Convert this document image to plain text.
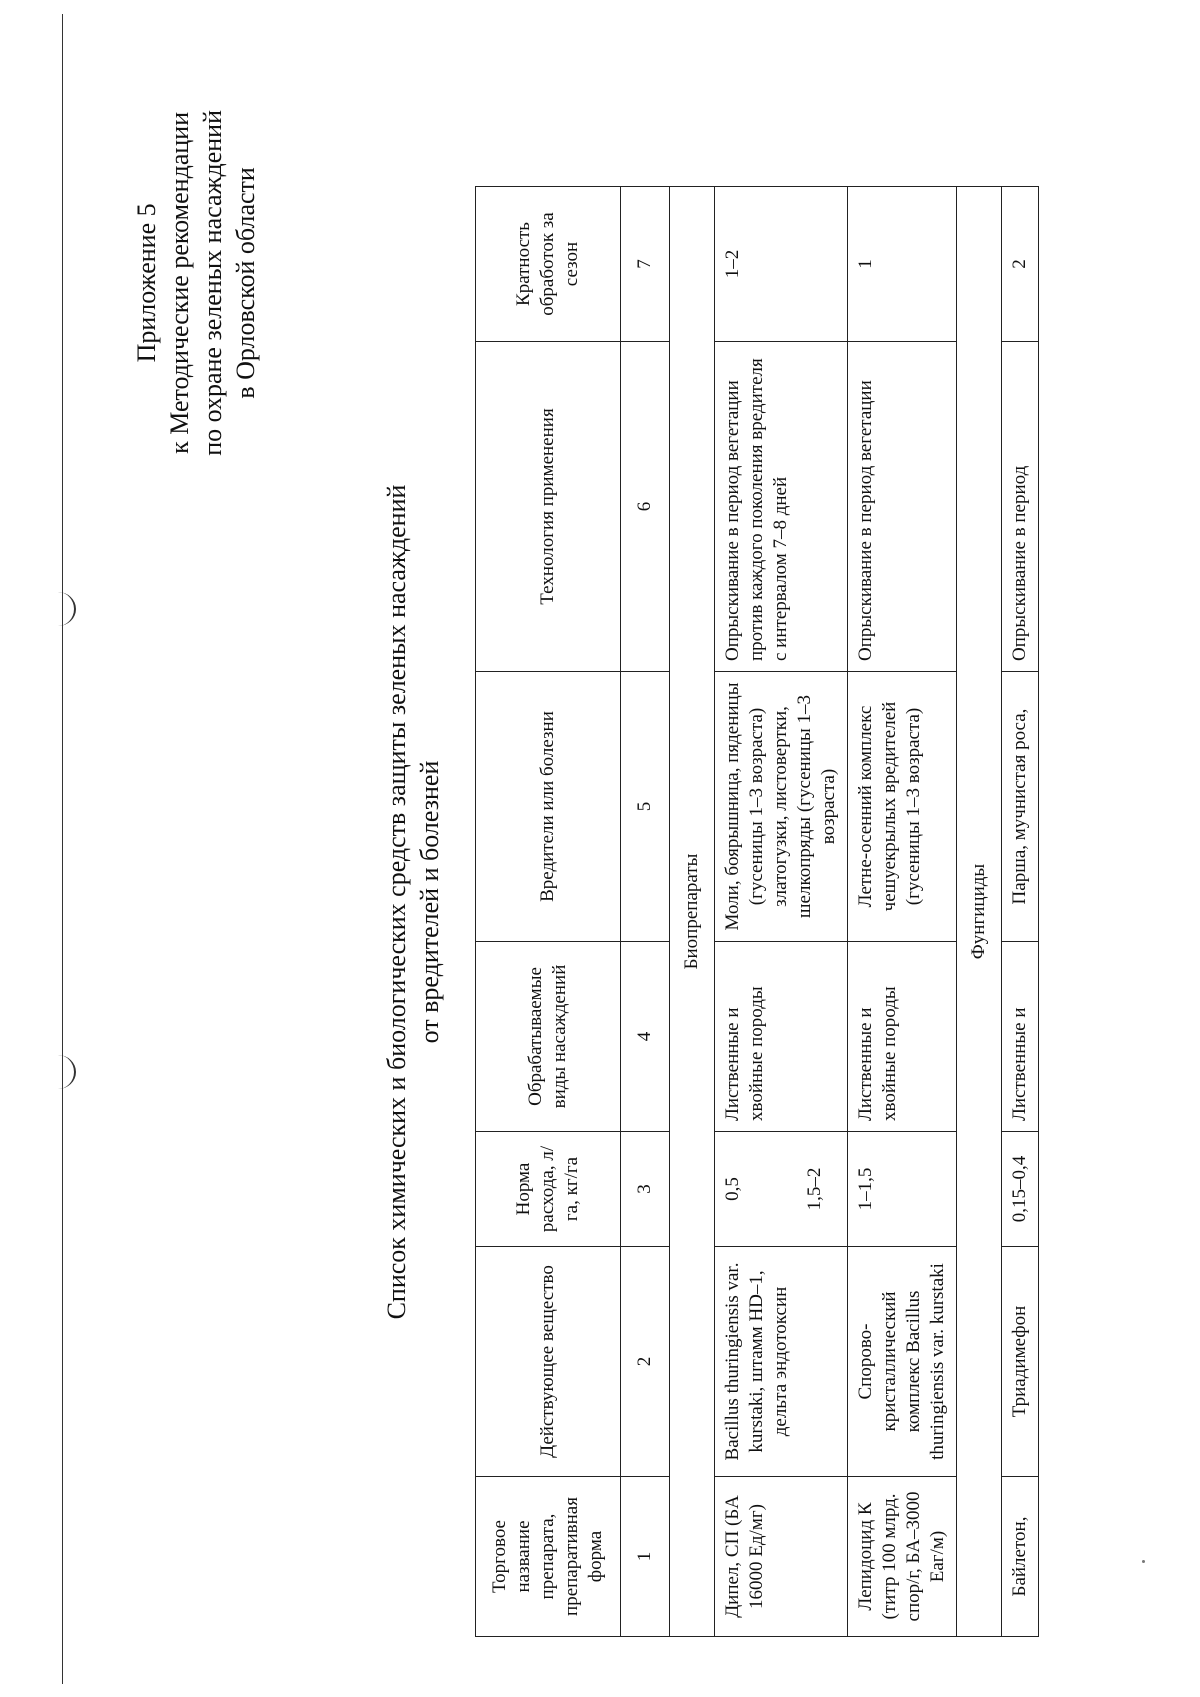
Приложение 5 к Методические рекомендации по охране зеленых насаждений в Орловской области
Список химических и биологических средств защиты зеленых насаждений от вредителей и болезней
Торговое название препарата, препаративная форма	Действующее вещество	Норма расхода, л/га, кг/га	Обрабатываемые виды насаждений	Вредители или болезни	Технология применения	Кратность обработок за сезон
1	2	3	4	5	6	7
Биопрепараты						
Дипел, СП (БА 16000 Ед/мг)	Bacillus thuringiensis var. kurstaki, штамм HD–1, дельта эндотоксин	0,5 1,5–2	Лиственные и хвойные породы	Моли, боярышница, пяденицы (гусеницы 1–3 возраста) златогузки, листовертки, шелкопряды (гусеницы 1–3 возраста)	Опрыскивание в период вегетации против каждого поколения вредителя с интервалом 7–8 дней	1–2
Лепидоцид К (титр 100 млрд. спор/г, БА–3000 Еаг/м)	Спорово-кристаллический комплекс Bacillus thuringiensis var. kurstaki	1–1,5	Лиственные и хвойные породы	Летне-осенний комплекс чешуекрылых вредителей (гусеницы 1–3 возраста)	Опрыскивание в период вегетации	1
Фунгициды						
Байлетон,	Триадимефон	0,15–0,4	Лиственные и	Парша, мучнистая роса,	Опрыскивание в период	2
